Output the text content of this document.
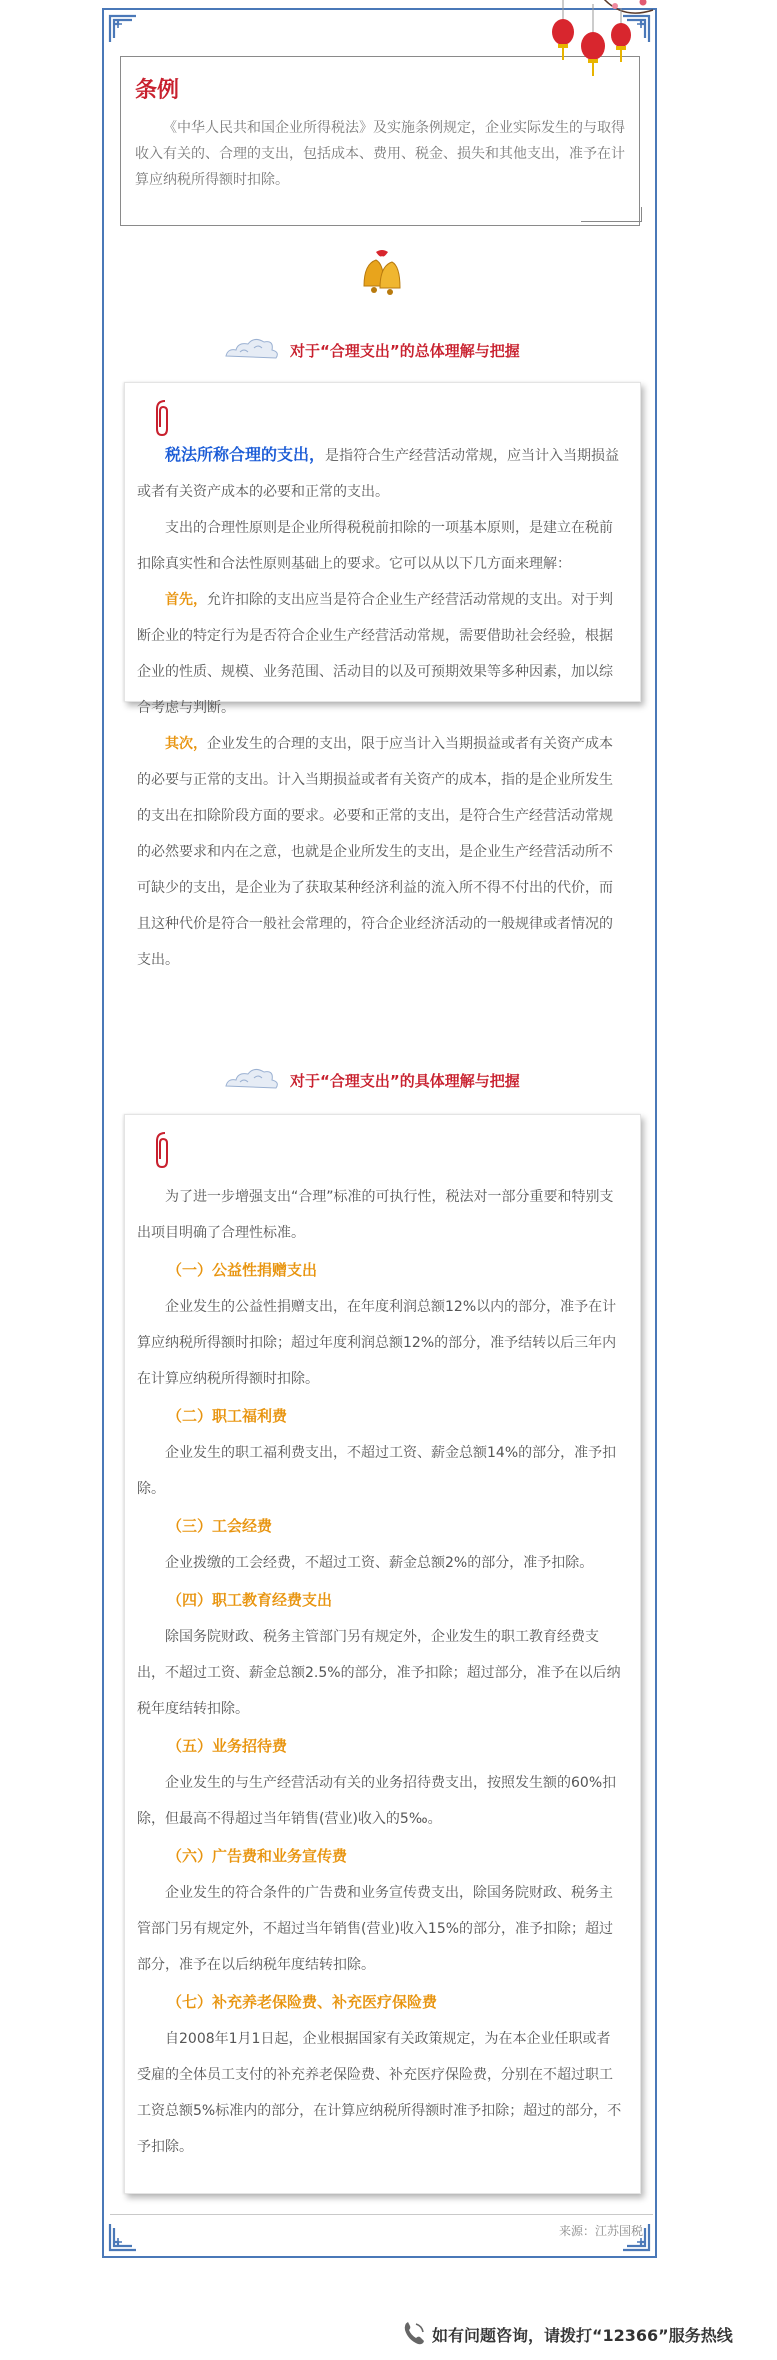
条例

《中华人民共和国企业所得税法》及实施条例规定，企业实际发生的与取得收入有关的、合理的支出，包括成本、费用、税金、损失和其他支出，准予在计算应纳税所得额时扣除。

对于“合理支出”的总体理解与把握

税法所称合理的支出，是指符合生产经营活动常规，应当计入当期损益或者有关资产成本的必要和正常的支出。

支出的合理性原则是企业所得税税前扣除的一项基本原则，是建立在税前扣除真实性和合法性原则基础上的要求。它可以从以下几方面来理解：

首先，允许扣除的支出应当是符合企业生产经营活动常规的支出。对于判断企业的特定行为是否符合企业生产经营活动常规，需要借助社会经验，根据企业的性质、规模、业务范围、活动目的以及可预期效果等多种因素，加以综合考虑与判断。

其次，企业发生的合理的支出，限于应当计入当期损益或者有关资产成本的必要与正常的支出。计入当期损益或者有关资产的成本，指的是企业所发生的支出在扣除阶段方面的要求。必要和正常的支出，是符合生产经营活动常规的必然要求和内在之意，也就是企业所发生的支出，是企业生产经营活动所不可缺少的支出，是企业为了获取某种经济利益的流入所不得不付出的代价，而且这种代价是符合一般社会常理的，符合企业经济活动的一般规律或者情况的支出。

对于“合理支出”的具体理解与把握

为了进一步增强支出“合理”标准的可执行性，税法对一部分重要和特别支出项目明确了合理性标准。

（一）公益性捐赠支出

企业发生的公益性捐赠支出，在年度利润总额12%以内的部分，准予在计算应纳税所得额时扣除；超过年度利润总额12%的部分，准予结转以后三年内在计算应纳税所得额时扣除。

（二）职工福利费

企业发生的职工福利费支出，不超过工资、薪金总额14%的部分，准予扣除。

（三）工会经费

企业拨缴的工会经费，不超过工资、薪金总额2%的部分，准予扣除。

（四）职工教育经费支出

除国务院财政、税务主管部门另有规定外，企业发生的职工教育经费支出，不超过工资、薪金总额2.5%的部分，准予扣除；超过部分，准予在以后纳税年度结转扣除。

（五）业务招待费

企业发生的与生产经营活动有关的业务招待费支出，按照发生额的60%扣除，但最高不得超过当年销售(营业)收入的5‰。

（六）广告费和业务宣传费

企业发生的符合条件的广告费和业务宣传费支出，除国务院财政、税务主管部门另有规定外，不超过当年销售(营业)收入15%的部分，准予扣除；超过部分，准予在以后纳税年度结转扣除。

（七）补充养老保险费、补充医疗保险费

自2008年1月1日起，企业根据国家有关政策规定，为在本企业任职或者受雇的全体员工支付的补充养老保险费、补充医疗保险费，分别在不超过职工工资总额5%标准内的部分，在计算应纳税所得额时准予扣除；超过的部分，不予扣除。

来源：江苏国税
如有问题咨询，请拨打“12366”服务热线
